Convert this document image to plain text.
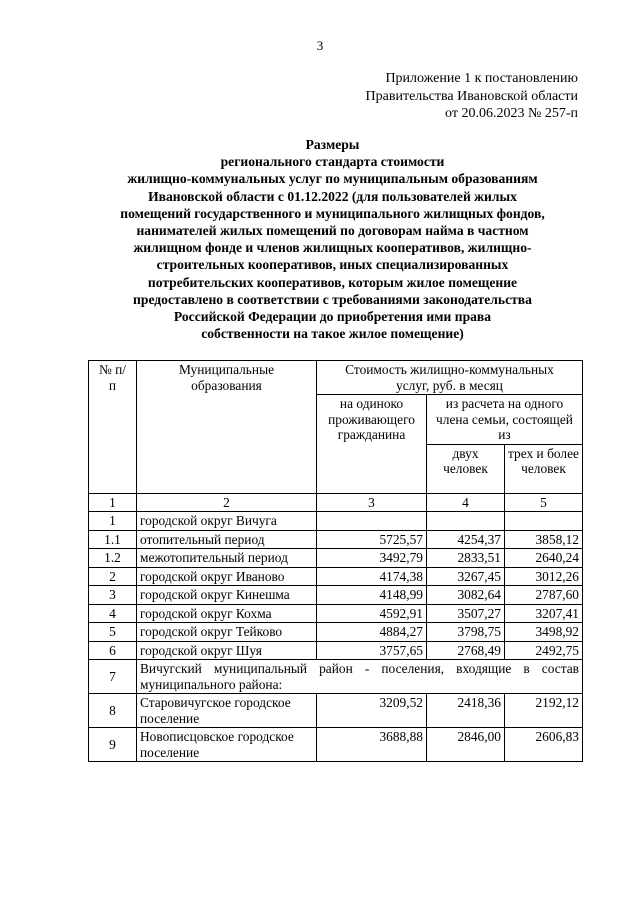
3
Приложение 1 к постановлению
Правительства Ивановской области
от 20.06.2023 № 257-п
Размеры
регионального стандарта стоимости
жилищно-коммунальных услуг по муниципальным образованиям
Ивановской области с 01.12.2022 (для пользователей жилых
помещений государственного и муниципального жилищных фондов,
нанимателей жилых помещений по договорам найма в частном
жилищном фонде и членов жилищных кооперативов, жилищно-
строительных кооперативов, иных специализированных
потребительских кооперативов, которым жилое помещение
предоставлено в соответствии с требованиями законодательства
Российской Федерации до приобретения ими права
собственности на такое жилое помещение)
№ п/п	Муниципальные образования	Стоимость жилищно-коммунальных услуг, руб. в месяц		
		на одиноко проживающего гражданина	из расчета на одного члена семьи, состоящей из	
			двух человек	трех и более человек
1	2	3	4	5
1	городской округ Вичуга			
1.1	отопительный период	5725,57	4254,37	3858,12
1.2	межотопительный период	3492,79	2833,51	2640,24
2	городской округ Иваново	4174,38	3267,45	3012,26
3	городской округ Кинешма	4148,99	3082,64	2787,60
4	городской округ Кохма	4592,91	3507,27	3207,41
5	городской округ Тейково	4884,27	3798,75	3498,92
6	городской округ Шуя	3757,65	2768,49	2492,75
7	Вичугский муниципальный район - поселения, входящие в состав муниципального района:			
8	Старовичугское городское поселение	3209,52	2418,36	2192,12
9	Новописцовское городское поселение	3688,88	2846,00	2606,83
